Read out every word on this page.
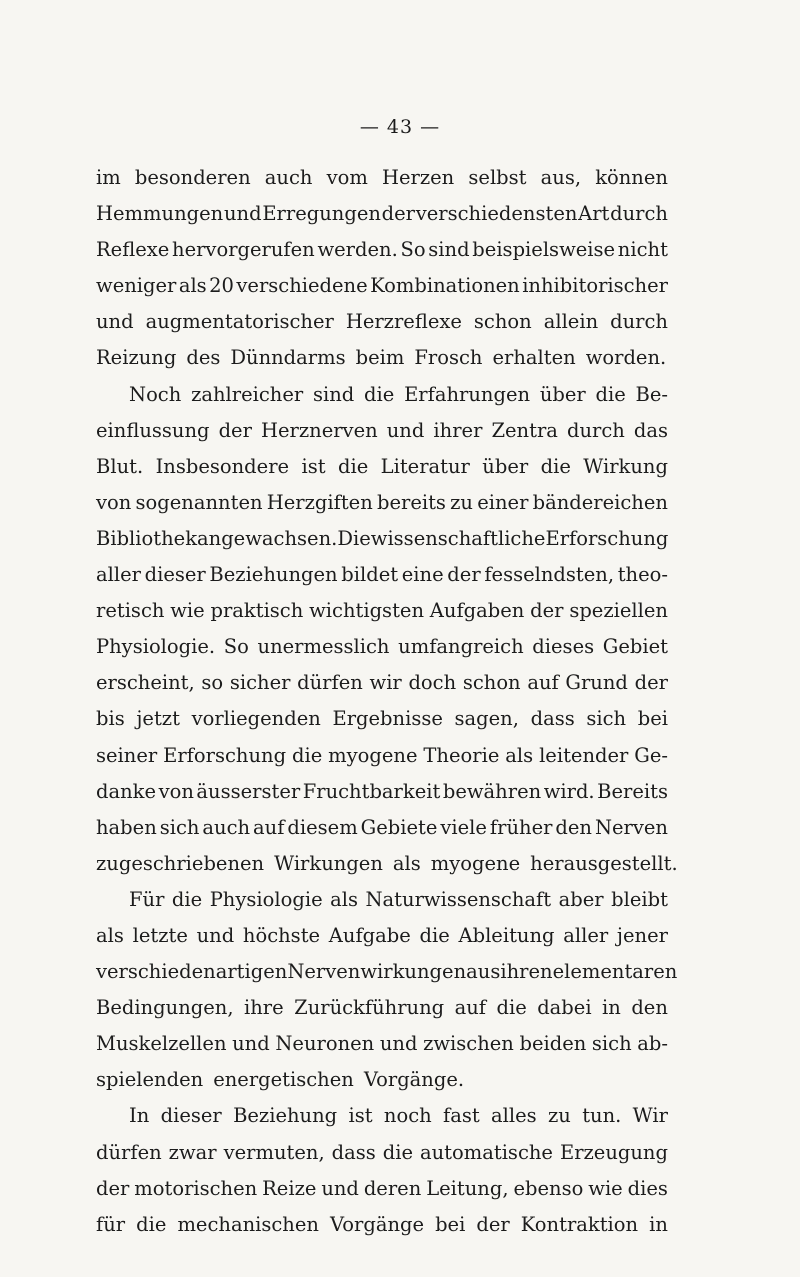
— 43 —
im besonderen auch vom Herzen selbst aus, können
Hemmungen und Erregungen der verschiedensten Art durch
Reflexe hervorgerufen werden. So sind beispielsweise nicht
weniger als 20 verschiedene Kombinationen inhibitorischer
und augmentatorischer Herzreflexe schon allein durch
Reizung des Dünndarms beim Frosch erhalten worden.
Noch zahlreicher sind die Erfahrungen über die Be-
einflussung der Herznerven und ihrer Zentra durch das
Blut. Insbesondere ist die Literatur über die Wirkung
von sogenannten Herzgiften bereits zu einer bändereichen
Bibliothek angewachsen. Die wissenschaftliche Erforschung
aller dieser Beziehungen bildet eine der fesselndsten, theo-
retisch wie praktisch wichtigsten Aufgaben der speziellen
Physiologie. So unermesslich umfangreich dieses Gebiet
erscheint, so sicher dürfen wir doch schon auf Grund der
bis jetzt vorliegenden Ergebnisse sagen, dass sich bei
seiner Erforschung die myogene Theorie als leitender Ge-
danke von äusserster Fruchtbarkeit bewähren wird. Bereits
haben sich auch auf diesem Gebiete viele früher den Nerven
zugeschriebenen Wirkungen als myogene herausgestellt.
Für die Physiologie als Naturwissenschaft aber bleibt
als letzte und höchste Aufgabe die Ableitung aller jener
verschiedenartigen Nervenwirkungen aus ihren elementaren
Bedingungen, ihre Zurückführung auf die dabei in den
Muskelzellen und Neuronen und zwischen beiden sich ab-
spielenden energetischen Vorgänge.
In dieser Beziehung ist noch fast alles zu tun. Wir
dürfen zwar vermuten, dass die automatische Erzeugung
der motorischen Reize und deren Leitung, ebenso wie dies
für die mechanischen Vorgänge bei der Kontraktion in
